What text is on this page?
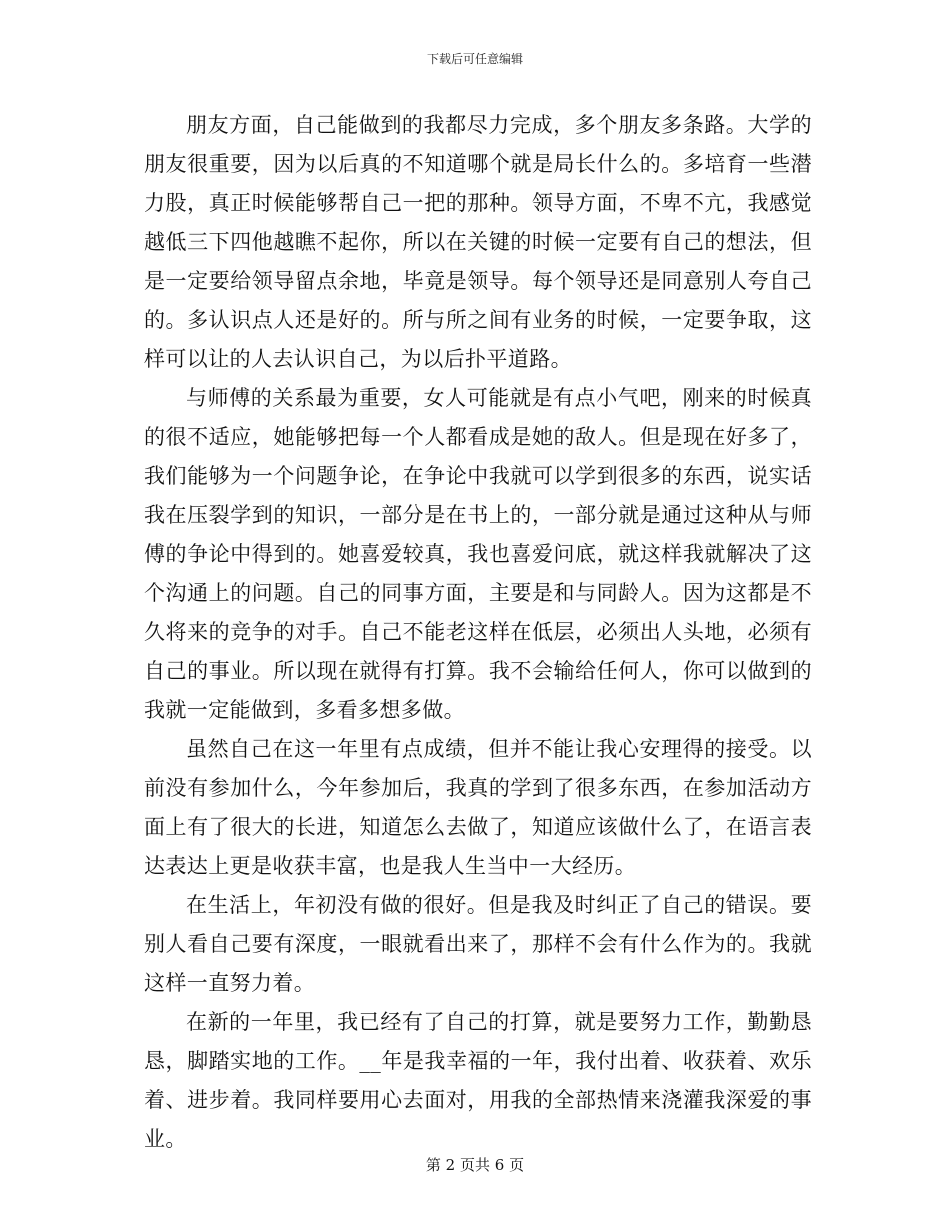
下载后可任意编辑

朋友方面，自己能做到的我都尽力完成，多个朋友多条路。大学的朋友很重要，因为以后真的不知道哪个就是局长什么的。多培育一些潜力股，真正时候能够帮自己一把的那种。领导方面，不卑不亢，我感觉越低三下四他越瞧不起你，所以在关键的时候一定要有自己的想法，但是一定要给领导留点余地，毕竟是领导。每个领导还是同意别人夸自己的。多认识点人还是好的。所与所之间有业务的时候，一定要争取，这样可以让的人去认识自己，为以后扑平道路。

与师傅的关系最为重要，女人可能就是有点小气吧，刚来的时候真的很不适应，她能够把每一个人都看成是她的敌人。但是现在好多了，我们能够为一个问题争论，在争论中我就可以学到很多的东西，说实话我在压裂学到的知识，一部分是在书上的，一部分就是通过这种从与师傅的争论中得到的。她喜爱较真，我也喜爱问底，就这样我就解决了这个沟通上的问题。自己的同事方面，主要是和与同龄人。因为这都是不久将来的竞争的对手。自己不能老这样在低层，必须出人头地，必须有自己的事业。所以现在就得有打算。我不会输给任何人，你可以做到的我就一定能做到，多看多想多做。

虽然自己在这一年里有点成绩，但并不能让我心安理得的接受。以前没有参加什么，今年参加后，我真的学到了很多东西，在参加活动方面上有了很大的长进，知道怎么去做了，知道应该做什么了，在语言表达表达上更是收获丰富，也是我人生当中一大经历。

在生活上，年初没有做的很好。但是我及时纠正了自己的错误。要别人看自己要有深度，一眼就看出来了，那样不会有什么作为的。我就这样一直努力着。

在新的一年里，我已经有了自己的打算，就是要努力工作，勤勤恳恳，脚踏实地的工作。__年是我幸福的一年，我付出着、收获着、欢乐着、进步着。我同样要用心去面对，用我的全部热情来浇灌我深爱的事业。

第 2 页共 6 页
